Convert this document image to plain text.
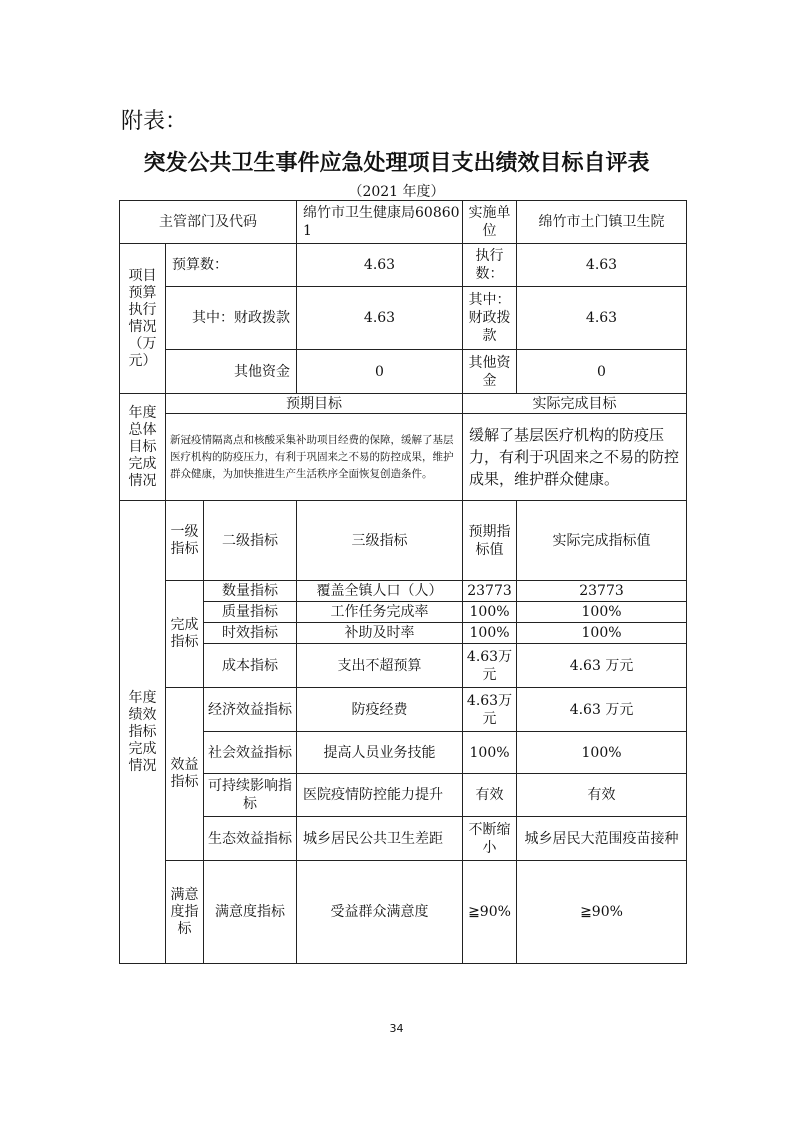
附表：
突发公共卫生事件应急处理项目支出绩效目标自评表
（2021 年度）
主管部门及代码			绵竹市卫生健康局608601	实施单位	绵竹市土门镇卫生院
项目预算执行情况（万元）	预算数：		4.63	执行数：	4.63
	其中：财政拨款		4.63	其中：财政拨款	4.63
	其他资金		0	其他资金	0
年度总体目标完成情况	预期目标			实际完成目标	
	新冠疫情隔离点和核酸采集补助项目经费的保障，缓解了基层医疗机构的防疫压力，有利于巩固来之不易的防控成果，维护群众健康，为加快推进生产生活秩序全面恢复创造条件。			缓解了基层医疗机构的防疫压力，有利于巩固来之不易的防控成果，维护群众健康。	
年度绩效指标完成情况	一级指标	二级指标	三级指标	预期指标值	实际完成指标值
	完成指标	数量指标	覆盖全镇人口（人）	23773	23773
		质量指标	工作任务完成率	100%	100%
		时效指标	补助及时率	100%	100%
		成本指标	支出不超预算	4.63万元	4.63 万元
	效益指标	经济效益指标	防疫经费	4.63万元	4.63 万元
		社会效益指标	提高人员业务技能	100%	100%
		可持续影响指标	医院疫情防控能力提升	有效	有效
		生态效益指标	城乡居民公共卫生差距	不断缩小	城乡居民大范围疫苗接种
	满意度指标	满意度指标	受益群众满意度	≧90%	≧90%
34
